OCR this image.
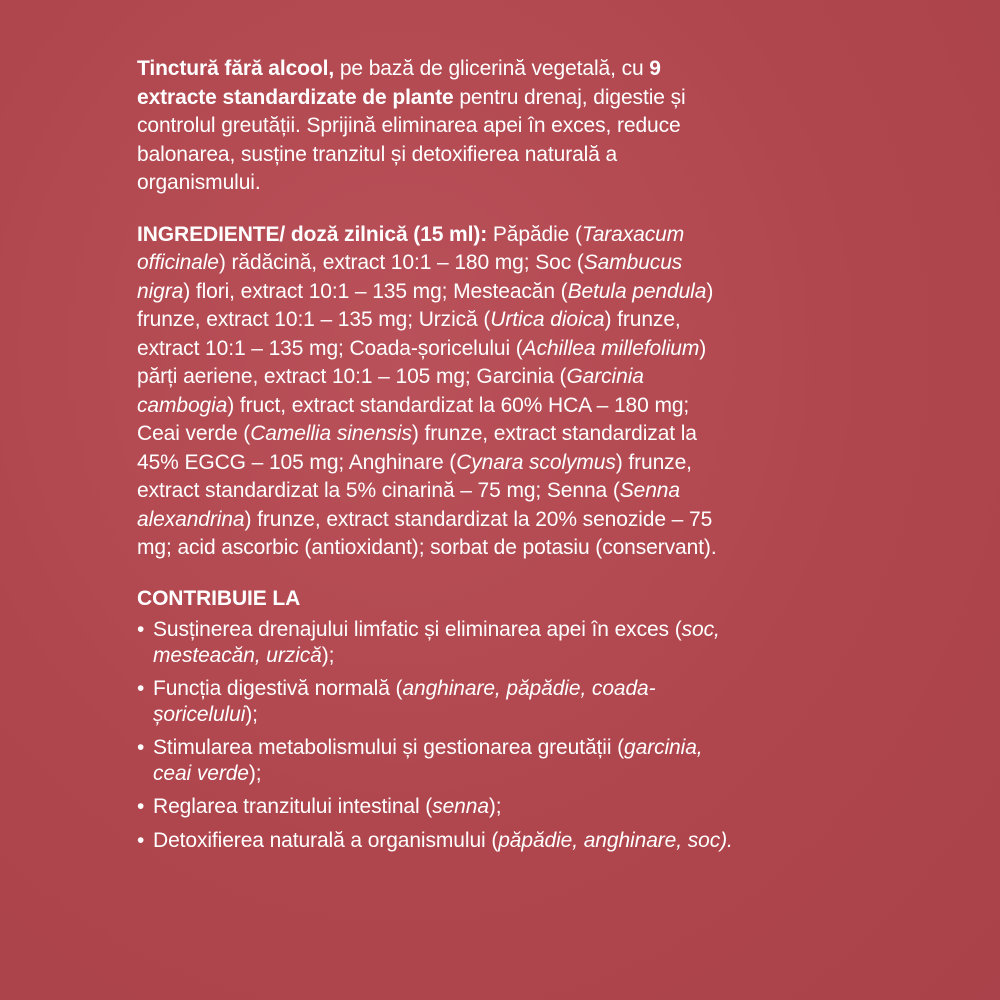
Tinctură fără alcool, pe bază de glicerină vegetală, cu 9 extracte standardizate de plante pentru drenaj, digestie și controlul greutății. Sprijină eliminarea apei în exces, reduce balonarea, susține tranzitul și detoxifierea naturală a organismului.

INGREDIENTE/ doză zilnică (15 ml): Păpădie (Taraxacum officinale) rădăcină, extract 10:1 – 180 mg; Soc (Sambucus nigra) flori, extract 10:1 – 135 mg; Mesteacăn (Betula pendula) frunze, extract 10:1 – 135 mg; Urzică (Urtica dioica) frunze, extract 10:1 – 135 mg; Coada-șoricelului (Achillea millefolium) părți aeriene, extract 10:1 – 105 mg; Garcinia (Garcinia cambogia) fruct, extract standardizat la 60% HCA – 180 mg; Ceai verde (Camellia sinensis) frunze, extract standardizat la 45% EGCG – 105 mg; Anghinare (Cynara scolymus) frunze, extract standardizat la 5% cinarină – 75 mg; Senna (Senna alexandrina) frunze, extract standardizat la 20% senozide – 75 mg; acid ascorbic (antioxidant); sorbat de potasiu (conservant).

CONTRIBUIE LA
• Susținerea drenajului limfatic și eliminarea apei în exces (soc, mesteacăn, urzică);
• Funcția digestivă normală (anghinare, păpădie, coada-șoricelului);
• Stimularea metabolismului și gestionarea greutății (garcinia, ceai verde);
• Reglarea tranzitului intestinal (senna);
• Detoxifierea naturală a organismului (păpădie, anghinare, soc).
